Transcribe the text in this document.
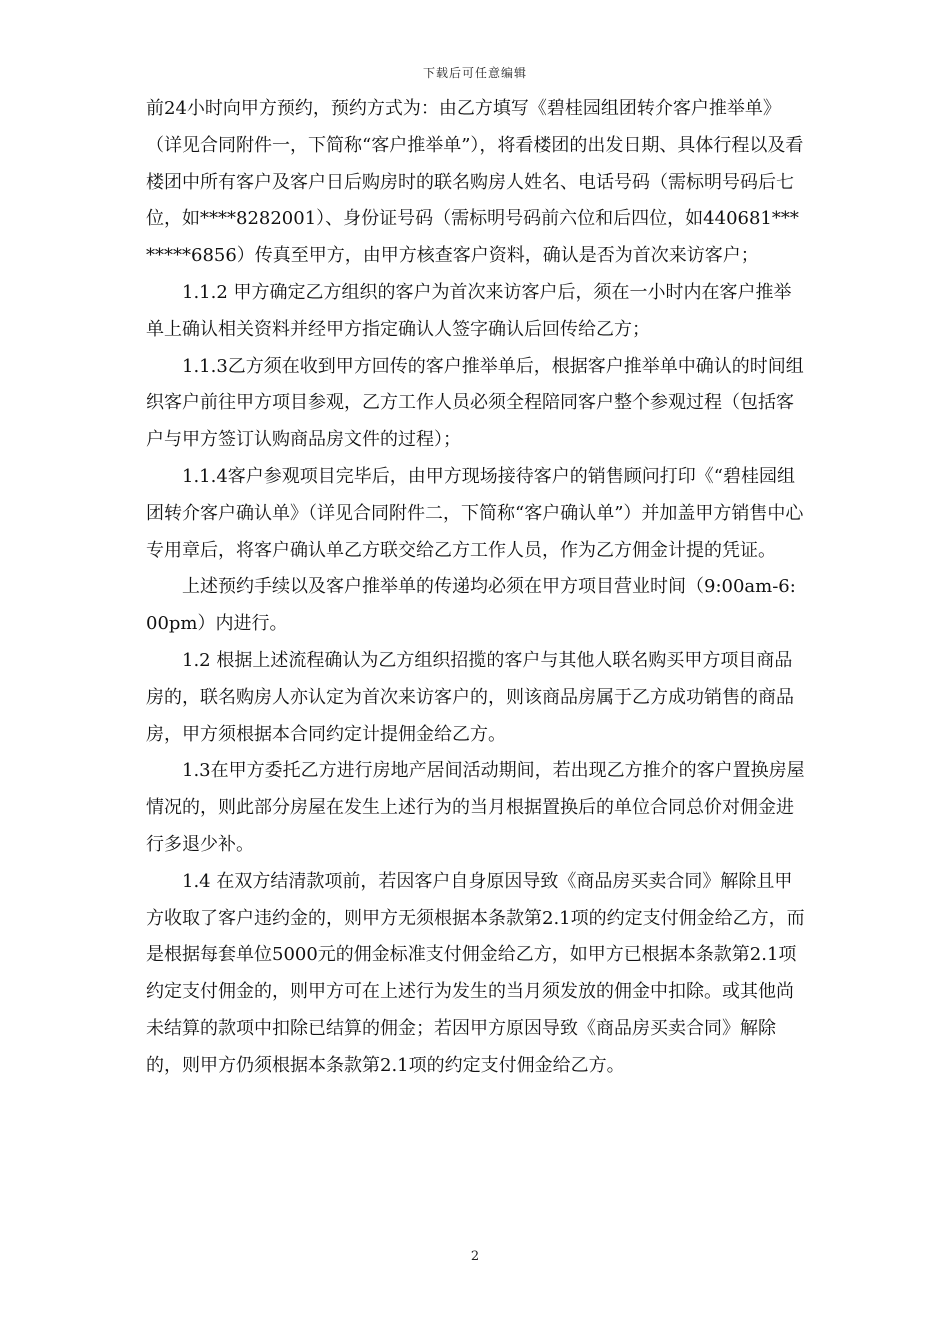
下载后可任意编辑

前24小时向甲方预约，预约方式为：由乙方填写《碧桂园组团转介客户推举单》（详见合同附件一，下简称“客户推举单”），将看楼团的出发日期、具体行程以及看楼团中所有客户及客户日后购房时的联名购房人姓名、电话号码（需标明号码后七位，如****8282001）、身份证号码（需标明号码前六位和后四位，如440681********6856）传真至甲方，由甲方核查客户资料，确认是否为首次来访客户；

1.1.2 甲方确定乙方组织的客户为首次来访客户后，须在一小时内在客户推举单上确认相关资料并经甲方指定确认人签字确认后回传给乙方；

1.1.3乙方须在收到甲方回传的客户推举单后，根据客户推举单中确认的时间组织客户前往甲方项目参观，乙方工作人员必须全程陪同客户整个参观过程（包括客户与甲方签订认购商品房文件的过程）；

1.1.4客户参观项目完毕后，由甲方现场接待客户的销售顾问打印《“碧桂园组团转介客户确认单》（详见合同附件二，下简称“客户确认单”）并加盖甲方销售中心专用章后，将客户确认单乙方联交给乙方工作人员，作为乙方佣金计提的凭证。

上述预约手续以及客户推举单的传递均必须在甲方项目营业时间（9:00am-6:00pm）内进行。

1.2 根据上述流程确认为乙方组织招揽的客户与其他人联名购买甲方项目商品房的，联名购房人亦认定为首次来访客户的，则该商品房属于乙方成功销售的商品房，甲方须根据本合同约定计提佣金给乙方。

1.3在甲方委托乙方进行房地产居间活动期间，若出现乙方推介的客户置换房屋情况的，则此部分房屋在发生上述行为的当月根据置换后的单位合同总价对佣金进行多退少补。

1.4 在双方结清款项前，若因客户自身原因导致《商品房买卖合同》解除且甲方收取了客户违约金的，则甲方无须根据本条款第2.1项的约定支付佣金给乙方，而是根据每套单位5000元的佣金标准支付佣金给乙方，如甲方已根据本条款第2.1项约定支付佣金的，则甲方可在上述行为发生的当月须发放的佣金中扣除。或其他尚未结算的款项中扣除已结算的佣金；若因甲方原因导致《商品房买卖合同》解除的，则甲方仍须根据本条款第2.1项的约定支付佣金给乙方。

2
